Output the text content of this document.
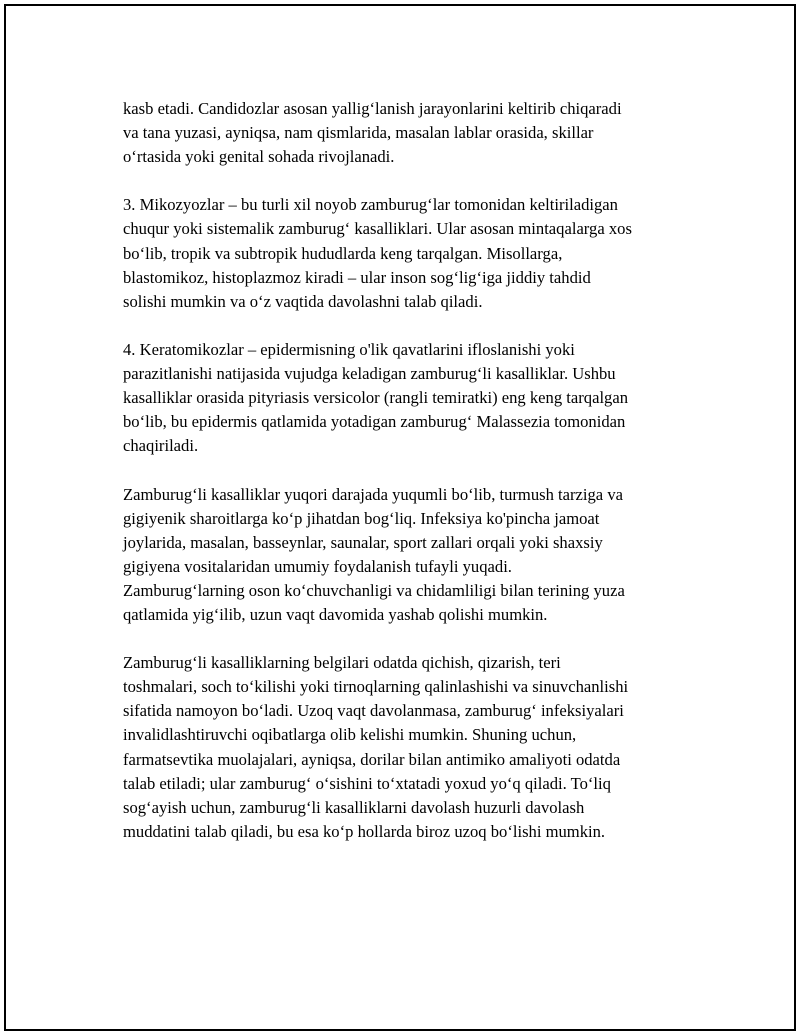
kasb etadi. Candidozlar asosan yallig‘lanish jarayonlarini keltirib chiqaradi
va tana yuzasi, ayniqsa, nam qismlarida, masalan lablar orasida, skillar
o‘rtasida yoki genital sohada rivojlanadi.

3. Mikozyozlar – bu turli xil noyob zamburug‘lar tomonidan keltiriladigan
chuqur yoki sistemalik zamburug‘ kasalliklari. Ular asosan mintaqalarga xos
bo‘lib, tropik va subtropik hududlarda keng tarqalgan. Misollarga,
blastomikoz, histoplazmoz kiradi – ular inson sog‘lig‘iga jiddiy tahdid
solishi mumkin va o‘z vaqtida davolashni talab qiladi.

4. Keratomikozlar – epidermisning o'lik qavatlarini ifloslanishi yoki
parazitlanishi natijasida vujudga keladigan zamburug‘li kasalliklar. Ushbu
kasalliklar orasida pityriasis versicolor (rangli temiratki) eng keng tarqalgan
bo‘lib, bu epidermis qatlamida yotadigan zamburug‘ Malassezia tomonidan
chaqiriladi.

Zamburug‘li kasalliklar yuqori darajada yuqumli bo‘lib, turmush tarziga va
gigiyenik sharoitlarga ko‘p jihatdan bog‘liq. Infeksiya ko'pincha jamoat
joylarida, masalan, basseynlar, saunalar, sport zallari orqali yoki shaxsiy
gigiyena vositalaridan umumiy foydalanish tufayli yuqadi.
Zamburug‘larning oson ko‘chuvchanligi va chidamliligi bilan terining yuza
qatlamida yig‘ilib, uzun vaqt davomida yashab qolishi mumkin.

Zamburug‘li kasalliklarning belgilari odatda qichish, qizarish, teri
toshmalari, soch to‘kilishi yoki tirnoqlarning qalinlashishi va sinuvchanlishi
sifatida namoyon bo‘ladi. Uzoq vaqt davolanmasa, zamburug‘ infeksiyalari
invalidlashtiruvchi oqibatlarga olib kelishi mumkin. Shuning uchun,
farmatsevtika muolajalari, ayniqsa, dorilar bilan antimiko amaliyoti odatda
talab etiladi; ular zamburug‘ o‘sishini to‘xtatadi yoxud yo‘q qiladi. To‘liq
sog‘ayish uchun, zamburug‘li kasalliklarni davolash huzurli davolash
muddatini talab qiladi, bu esa ko‘p hollarda biroz uzoq bo‘lishi mumkin.
